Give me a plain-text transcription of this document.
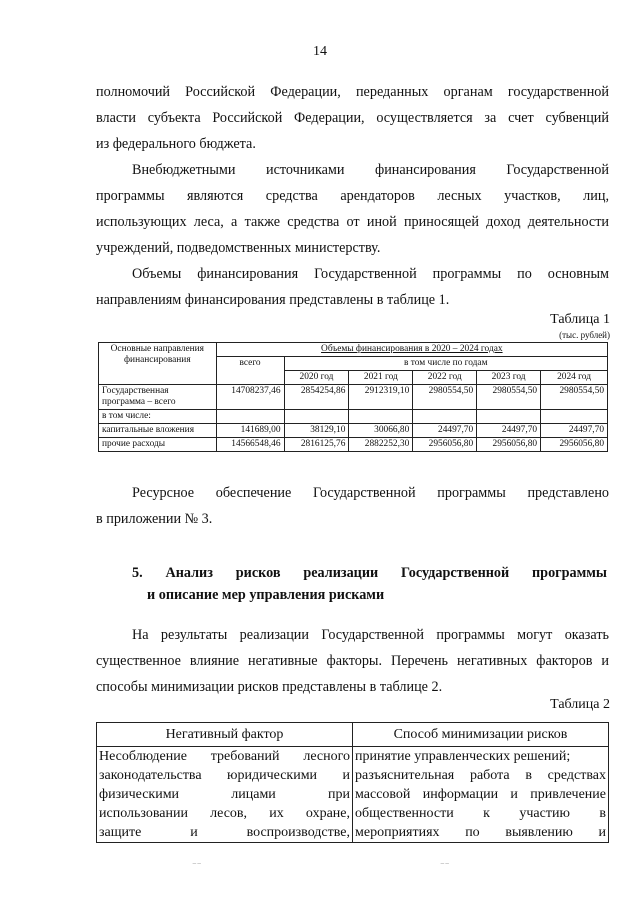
14
полномочий Российской Федерации, переданных органам государственной
власти субъекта Российской Федерации, осуществляется за счет субвенций
из федерального бюджета.
Внебюджетными источниками финансирования Государственной
программы являются средства арендаторов лесных участков, лиц,
использующих леса, а также средства от иной приносящей доход деятельности
учреждений, подведомственных министерству.
Объемы финансирования Государственной программы по основным
направлениям финансирования представлены в таблице 1.
Таблица 1
(тыс. рублей)
Основные направления финансирования	Объемы финансирования в 2020 – 2024 годах					
	всего	в том числе по годам				
		2020 год	2021 год	2022 год	2023 год	2024 год
Государственная программа – всего	14708237,46	2854254,86	2912319,10	2980554,50	2980554,50	2980554,50
в том числе:						
капитальные вложения	141689,00	38129,10	30066,80	24497,70	24497,70	24497,70
прочие расходы	14566548,46	2816125,76	2882252,30	2956056,80	2956056,80	2956056,80
Ресурсное обеспечение Государственной программы представлено
в приложении № 3.
5. Анализ рисков реализации Государственной программы
и описание мер управления рисками
На результаты реализации Государственной программы могут оказать
существенное влияние негативные факторы. Перечень негативных факторов и
способы минимизации рисков представлены в таблице 2.
Таблица 2
Негативный фактор	Способ минимизации рисков

Несоблюдение требований лесного
законодательства юридическими и
физическими лицами при
использовании лесов, их охране,
защите и воспроизводстве,	принятие управленческих решений;
разъяснительная работа в средствах
массовой информации и привлечение
общественности к участию в
мероприятиях по выявлению и
⁻⁻	⁻⁻
